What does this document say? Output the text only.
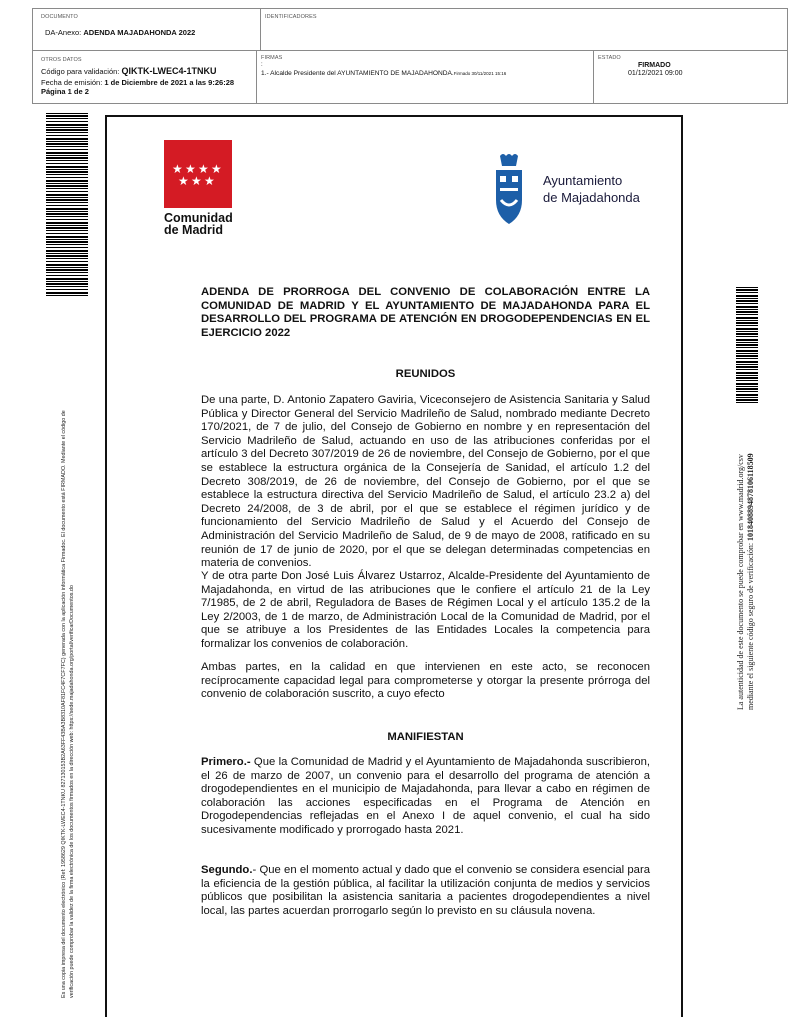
DOCUMENTO
DA-Anexo: ADENDA MAJADAHONDA 2022
IDENTIFICADORES
OTROS DATOS
Código para validación: QIKTK-LWEC4-1TNKU
Fecha de emisión: 1 de Diciembre de 2021 a las 9:26:28
Página 1 de 2
FIRMAS
:
1.- Alcalde Presidente del AYUNTAMIENTO DE MAJADAHONDA.Firmado 30/11/2021 15:16
ESTADO
FIRMADO
01/12/2021 09:00
Es una copia impresa del documento electrónico (Ref: 1958629 QIKTK-LWEC4-1TNKU 827130153B2A63FF43BA3B8310AF81FC4F7CF7FC) generada con la aplicación informática Firmadoc. El documento está FIRMADO. Mediante el código de verificación puede comprobar la validez de la firma electrónica de los documentos firmados en la dirección web: https://sede.majadahonda.org/portal/verificarDocumentos.do
La autenticidad de este documento se puede comprobar en www.madrid.org/csv mediante el siguiente código seguro de verificación: 1018408894878106118509
★ ★ ★ ★
★ ★ ★
Comunidad
de Madrid
Ayuntamiento
de Majadahonda
ADENDA DE PRORROGA DEL CONVENIO DE COLABORACIÓN ENTRE LA COMUNIDAD DE MADRID Y EL AYUNTAMIENTO DE MAJADAHONDA PARA EL DESARROLLO DEL PROGRAMA DE ATENCIÓN EN DROGODEPENDENCIAS EN EL EJERCICIO 2022
REUNIDOS
De una parte, D. Antonio Zapatero Gaviria, Viceconsejero de Asistencia Sanitaria y Salud Pública y Director General del Servicio Madrileño de Salud, nombrado mediante Decreto 170/2021, de 7 de julio, del Consejo de Gobierno en nombre y en representación del Servicio Madrileño de Salud, actuando en uso de las atribuciones conferidas por el artículo 3 del Decreto 307/2019 de 26 de noviembre, del Consejo de Gobierno, por el que se establece la estructura orgánica de la Consejería de Sanidad, el artículo 1.2 del Decreto 308/2019, de 26 de noviembre, del Consejo de Gobierno, por el que se establece la estructura directiva del Servicio Madrileño de Salud, el artículo 23.2 a) del Decreto 24/2008, de 3 de abril, por el que se establece el régimen jurídico y de funcionamiento del Servicio Madrileño de Salud y el Acuerdo del Consejo de Administración del Servicio Madrileño de Salud, de 9 de mayo de 2008, ratificado en su reunión de 17 de junio de 2020, por el que se delegan determinadas competencias en materia de convenios.
Y de otra parte Don José Luis Álvarez Ustarroz, Alcalde-Presidente del Ayuntamiento de Majadahonda, en virtud de las atribuciones que le confiere el artículo 21 de la Ley 7/1985, de 2 de abril, Reguladora de Bases de Régimen Local y el artículo 135.2 de la Ley 2/2003, de 1 de marzo, de Administración Local de la Comunidad de Madrid, por el que se atribuye a los Presidentes de las Entidades Locales la competencia para formalizar los convenios de colaboración.
Ambas partes, en la calidad en que intervienen en este acto, se reconocen recíprocamente capacidad legal para comprometerse y otorgar la presente prórroga del convenio de colaboración suscrito, a cuyo efecto
MANIFIESTAN
Primero.- Que la Comunidad de Madrid y el Ayuntamiento de Majadahonda suscribieron, el 26 de marzo de 2007, un convenio para el desarrollo del programa de atención a drogodependientes en el municipio de Majadahonda, para llevar a cabo en régimen de colaboración las acciones especificadas en el Programa de Atención en Drogodependencias reflejadas en el Anexo I de aquel convenio, el cual ha sido sucesivamente modificado y prorrogado hasta 2021.
Segundo.- Que en el momento actual y dado que el convenio se considera esencial para la eficiencia de la gestión pública, al facilitar la utilización conjunta de medios y servicios públicos que posibilitan la asistencia sanitaria a pacientes drogodependientes a nivel local, las partes acuerdan prorrogarlo según lo previsto en su cláusula novena.
